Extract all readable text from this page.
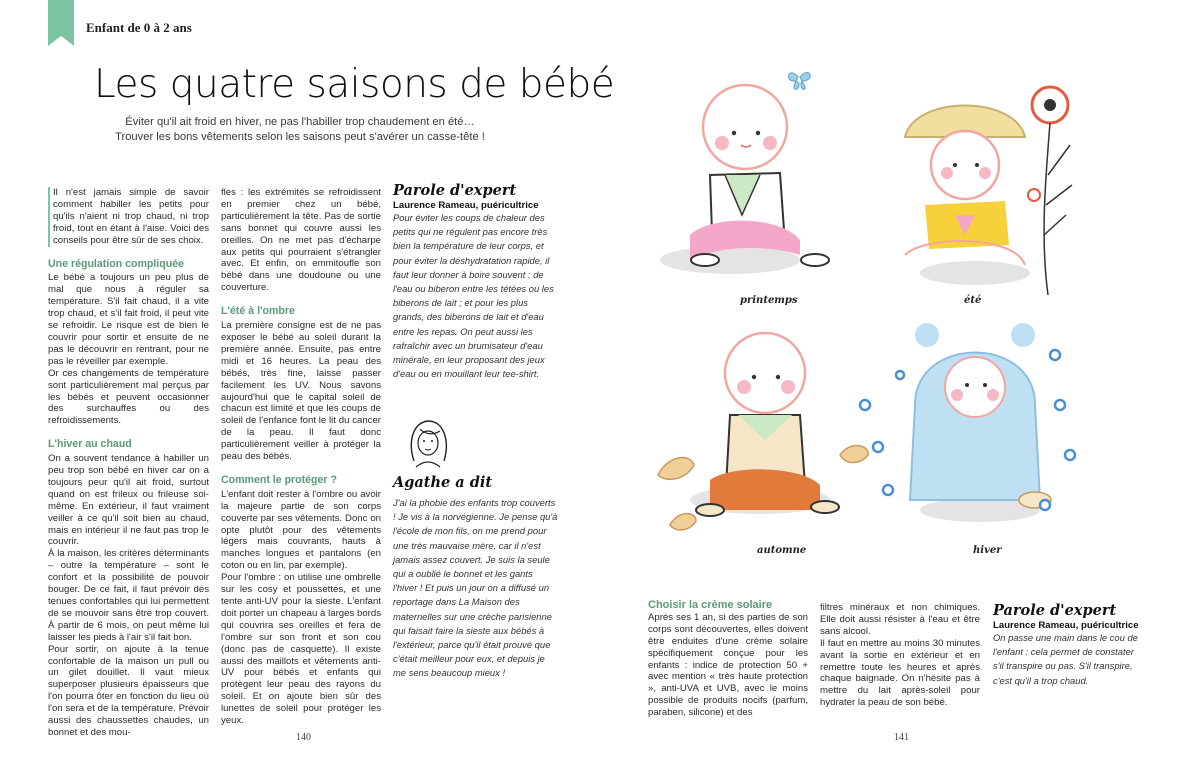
Enfant de 0 à 2 ans
Les quatre saisons de bébé
Éviter qu'il ait froid en hiver, ne pas l'habiller trop chaudement en été…
Trouver les bons vêtements selon les saisons peut s'avérer un casse-tête !

Il n'est jamais simple de savoir comment habiller les petits pour qu'ils n'aient ni trop chaud, ni trop froid, tout en étant à l'aise. Voici des conseils pour être sûr de ses choix.

Une régulation compliquée

Le bébé a toujours un peu plus de mal que nous à réguler sa température. S'il fait chaud, il a vite trop chaud, et s'il fait froid, il peut vite se refroidir. Le risque est de bien le couvrir pour sortir et ensuite de ne pas le découvrir en rentrant, pour ne pas le réveiller par exemple.

Or ces changements de température sont particulièrement mal perçus par les bébés et peuvent occasionner des surchauffes ou des refroidissements.

L'hiver au chaud

On a souvent tendance à habiller un peu trop son bébé en hiver car on a toujours peur qu'il ait froid, surtout quand on est frileux ou frileuse soi-même. En extérieur, il faut vraiment veiller à ce qu'il soit bien au chaud, mais en intérieur il ne faut pas trop le couvrir.

À la maison, les critères déterminants – outre la température – sont le confort et la possibilité de pouvoir bouger. De ce fait, il faut prévoir des tenues confortables qui lui permettent de se mouvoir sans être trop couvert. À partir de 6 mois, on peut même lui laisser les pieds à l'air s'il fait bon.

Pour sortir, on ajoute à la tenue confortable de la maison un pull ou un gilet douillet. Il vaut mieux superposer plusieurs épaisseurs que l'on pourra ôter en fonction du lieu où l'on sera et de la température. Prévoir aussi des chaussettes chaudes, un bonnet et des mou-

fles : les extrémités se refroidissent en premier chez un bébé, particulièrement la tête. Pas de sortie sans bonnet qui couvre aussi les oreilles. On ne met pas d'écharpe aux petits qui pourraient s'étrangler avec. Et enfin, on emmitoufle son bébé dans une doudoune ou une couverture.

L'été à l'ombre

La première consigne est de ne pas exposer le bébé au soleil durant la première année. Ensuite, pas entre midi et 16 heures. La peau des bébés, très fine, laisse passer facilement les UV. Nous savons aujourd'hui que le capital soleil de chacun est limité et que les coups de soleil de l'enfance font le lit du cancer de la peau. Il faut donc particulièrement veiller à protéger la peau des bébés.

Comment le protéger ?

L'enfant doit rester à l'ombre ou avoir la majeure partie de son corps couverte par ses vêtements. Donc on opte plutôt pour des vêtements légers mais couvrants, hauts à manches longues et pantalons (en coton ou en lin, par exemple).

Pour l'ombre : on utilise une ombrelle sur les cosy et poussettes, et une tente anti-UV pour la sieste. L'enfant doit porter un chapeau à larges bords qui couvrira ses oreilles et fera de l'ombre sur son front et son cou (donc pas de casquette). Il existe aussi des maillots et vêtements anti-UV pour bébés et enfants qui protègent leur peau des rayons du soleil. Et on ajoute bien sûr des lunettes de soleil pour protéger les yeux.

Parole d'expert
Laurence Rameau, puéricultrice
Pour éviter les coups de chaleur des petits qui ne régulent pas encore très bien la température de leur corps, et pour éviter la déshydratation rapide, il faut leur donner à boire souvent : de l'eau ou biberon entre les tétées ou les biberons de lait ; et pour les plus grands, des biberons de lait et d'eau entre les repas. On peut aussi les rafraîchir avec un brumisateur d'eau minérale, en leur proposant des jeux d'eau ou en mouillant leur tee-shirt.
Agathe a dit
J'ai la phobie des enfants trop couverts ! Je vis à la norvégienne. Je pense qu'à l'école de mon fils, on me prend pour une très mauvaise mère, car il n'est jamais assez couvert. Je suis la seule qui a oublié le bonnet et les gants l'hiver ! Et puis un jour on a diffusé un reportage dans La Maison des maternelles sur une crèche parisienne qui faisait faire la sieste aux bébés à l'extérieur, parce qu'il était prouvé que c'était meilleur pour eux, et depuis je me sens beaucoup mieux !
printemps	été
automne	hiver

Choisir la crème solaire

Après ses 1 an, si des parties de son corps sont découvertes, elles doivent être enduites d'une crème solaire spécifiquement conçue pour les enfants : indice de protection 50 + avec mention « très haute protection », anti-UVA et UVB, avec le moins possible de produits nocifs (parfum, paraben, silicone) et des

filtres minéraux et non chimiques. Elle doit aussi résister à l'eau et être sans alcool.

Il faut en mettre au moins 30 minutes avant la sortie en extérieur et en remettre toute les heures et après chaque baignade. On n'hésite pas à mettre du lait après-soleil pour hydrater la peau de son bébé.

Parole d'expert
Laurence Rameau, puéricultrice
On passe une main dans le cou de l'enfant : cela permet de constater s'il transpire ou pas. S'il transpire, c'est qu'il a trop chaud.
140	141
